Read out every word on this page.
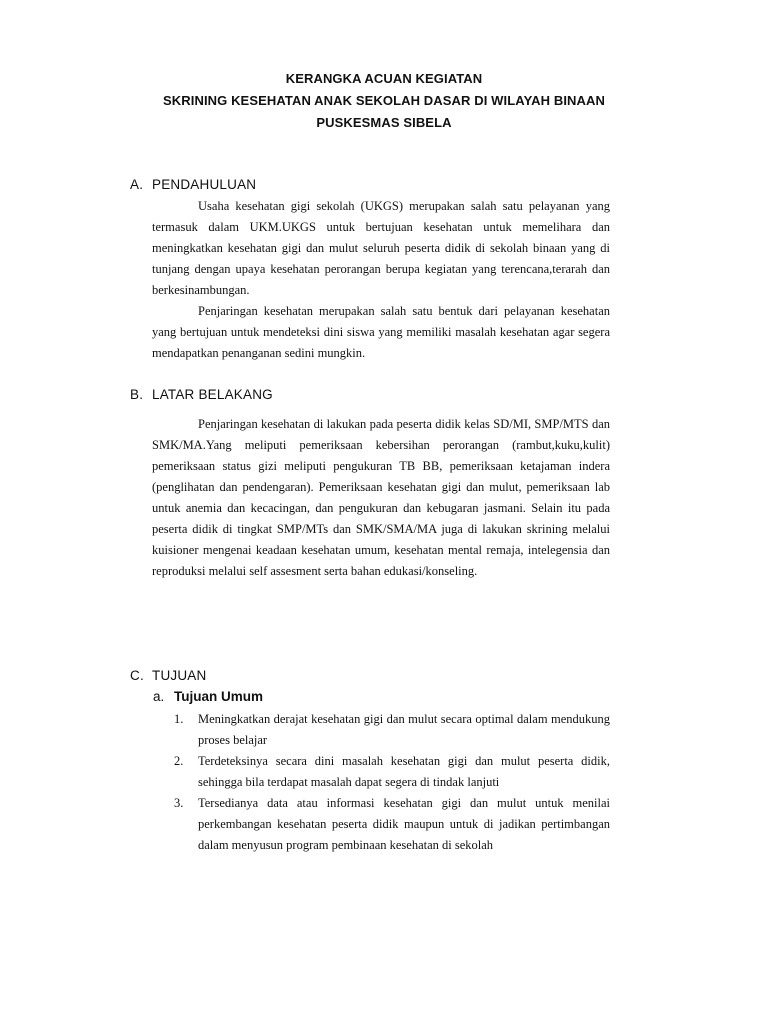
KERANGKA ACUAN KEGIATAN
SKRINING KESEHATAN ANAK SEKOLAH DASAR DI WILAYAH BINAAN
PUSKESMAS SIBELA
A. PENDAHULUAN

Usaha kesehatan gigi sekolah (UKGS) merupakan salah satu pelayanan yang termasuk dalam UKM.UKGS untuk bertujuan kesehatan untuk memelihara dan meningkatkan kesehatan gigi dan mulut seluruh peserta didik di sekolah binaan yang di tunjang dengan upaya kesehatan perorangan berupa kegiatan yang terencana,terarah dan berkesinambungan.

Penjaringan kesehatan merupakan salah satu bentuk dari pelayanan kesehatan yang bertujuan untuk mendeteksi dini siswa yang memiliki masalah kesehatan agar segera mendapatkan penanganan sedini mungkin.

B. LATAR BELAKANG

Penjaringan kesehatan di lakukan pada peserta didik kelas SD/MI, SMP/MTS dan SMK/MA.Yang meliputi pemeriksaan kebersihan perorangan (rambut,kuku,kulit) pemeriksaan status gizi meliputi pengukuran TB BB, pemeriksaan ketajaman indera (penglihatan dan pendengaran). Pemeriksaan kesehatan gigi dan mulut, pemeriksaan lab untuk anemia dan kecacingan, dan pengukuran dan kebugaran jasmani. Selain itu pada peserta didik di tingkat SMP/MTs dan SMK/SMA/MA juga di lakukan skrining melalui kuisioner mengenai keadaan kesehatan umum, kesehatan mental remaja, intelegensia dan reproduksi melalui self assesment serta bahan edukasi/konseling.

C. TUJUAN
a. Tujuan Umum
1. Meningkatkan derajat kesehatan gigi dan mulut secara optimal dalam mendukung proses belajar
2. Terdeteksinya secara dini masalah kesehatan gigi dan mulut peserta didik, sehingga bila terdapat masalah dapat segera di tindak lanjuti
3. Tersedianya data atau informasi kesehatan gigi dan mulut untuk menilai perkembangan kesehatan peserta didik maupun untuk di jadikan pertimbangan dalam menyusun program pembinaan kesehatan di sekolah
